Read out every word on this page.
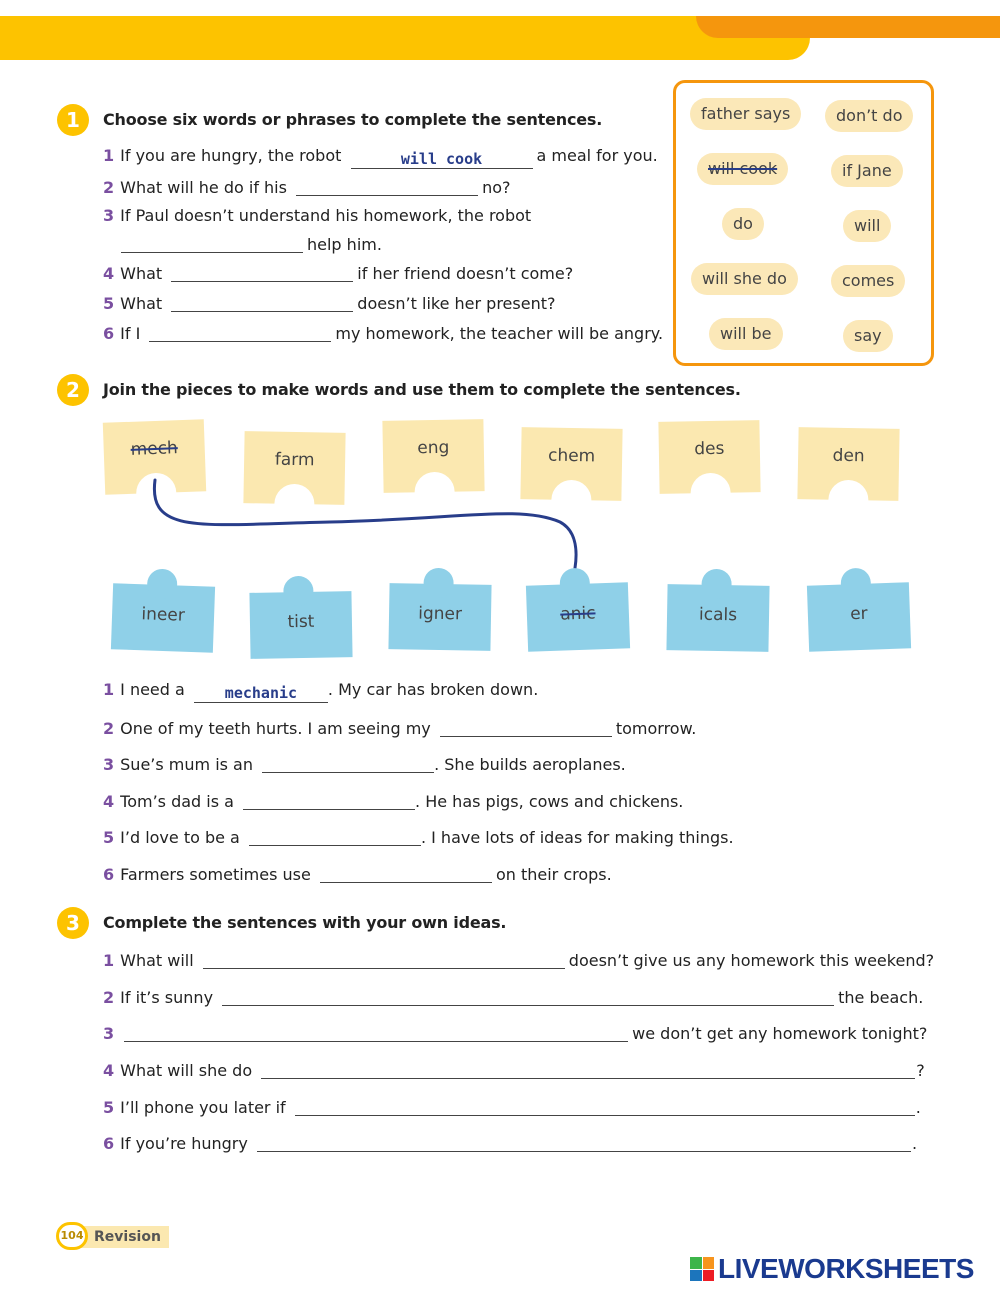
1	Choose six words or phrases to complete the sentences.
1 If you are hungry, the robot	will cook	a meal for you.
2 What will he do if his	no?
3 If Paul doesn’t understand his homework, the robot
help him.
4 What	if her friend doesn’t come?
5 What	doesn’t like her present?
6 If I	my homework, the teacher will be angry.
father says	don’t do
will cook	if Jane
do	will
will she do	comes
will be	say
2	Join the pieces to make words and use them to complete the sentences.
mech
farm
eng	chem	des	den
ineer	tist	igner	anic	icals	er
1 I need a	mechanic . My car has broken down.
2 One of my teeth hurts. I am seeing my	tomorrow.
3 Sue’s mum is an	. She builds aeroplanes.
4 Tom’s dad is a	. He has pigs, cows and chickens.
5 I’d love to be a	. I have lots of ideas for making things.
6 Farmers sometimes use	on their crops.
3	Complete the sentences with your own ideas.
1 What will	doesn’t give us any homework this weekend?
2 If it’s sunny	the beach.
3	we don’t get any homework tonight?
4 What will she do	?
5 I’ll phone you later if	.
6 If you’re hungry	.
Revision
104
LIVEWORKSHEETS
